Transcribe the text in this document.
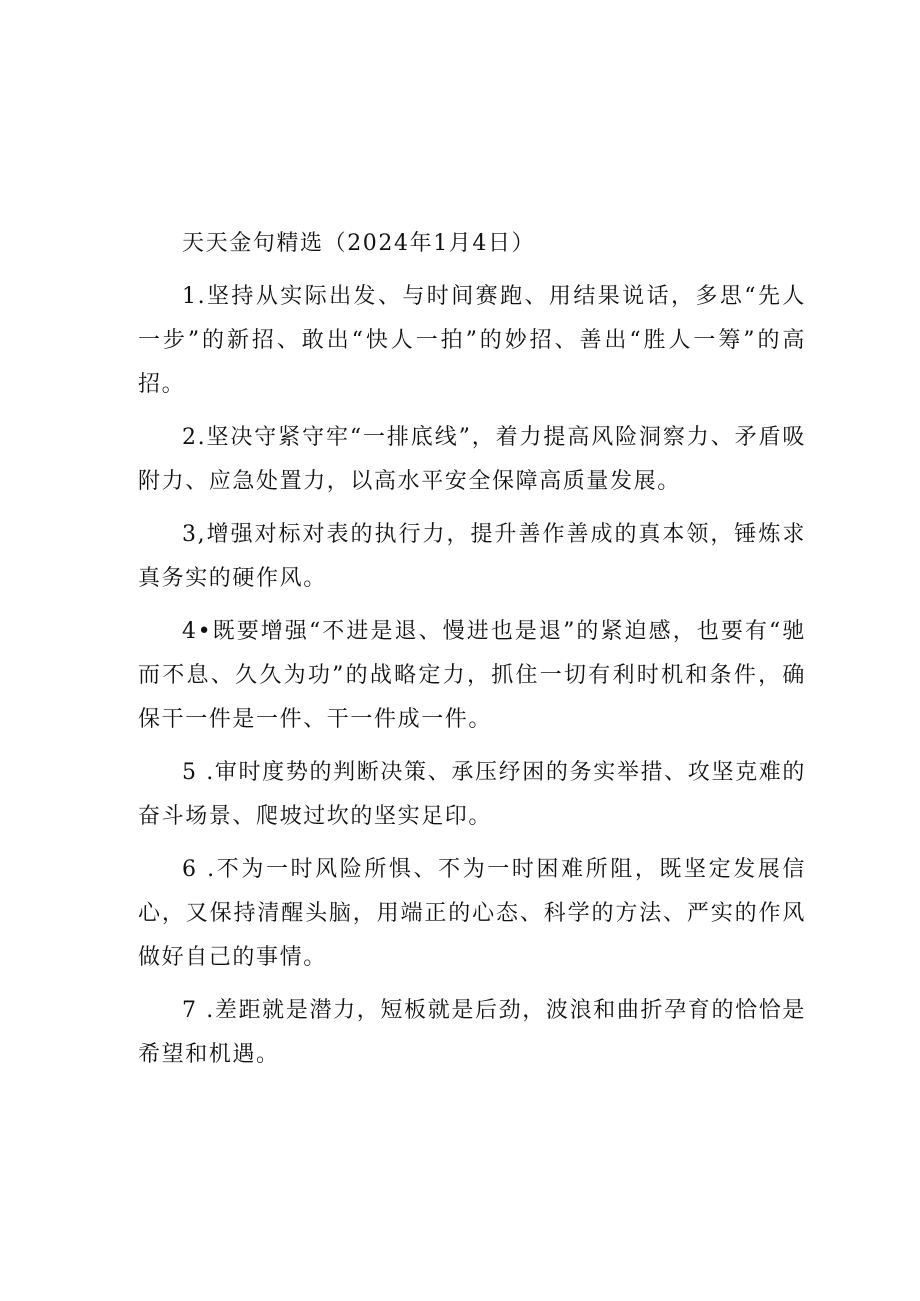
天天金句精选（2024年1月4日）

1.坚持从实际出发、与时间赛跑、用结果说话，多思“先人一步”的新招、敢出“快人一拍”的妙招、善出“胜人一筹”的高招。

2.坚决守紧守牢“一排底线”，着力提高风险洞察力、矛盾吸附力、应急处置力，以高水平安全保障高质量发展。

3,增强对标对表的执行力，提升善作善成的真本领，锤炼求真务实的硬作风。

4•既要增强“不进是退、慢进也是退”的紧迫感，也要有“驰而不息、久久为功”的战略定力，抓住一切有利时机和条件，确保干一件是一件、干一件成一件。

5 .审时度势的判断决策、承压纾困的务实举措、攻坚克难的奋斗场景、爬坡过坎的坚实足印。

6 .不为一时风险所惧、不为一时困难所阻，既坚定发展信心，又保持清醒头脑，用端正的心态、科学的方法、严实的作风做好自己的事情。

7 .差距就是潜力，短板就是后劲，波浪和曲折孕育的恰恰是希望和机遇。
